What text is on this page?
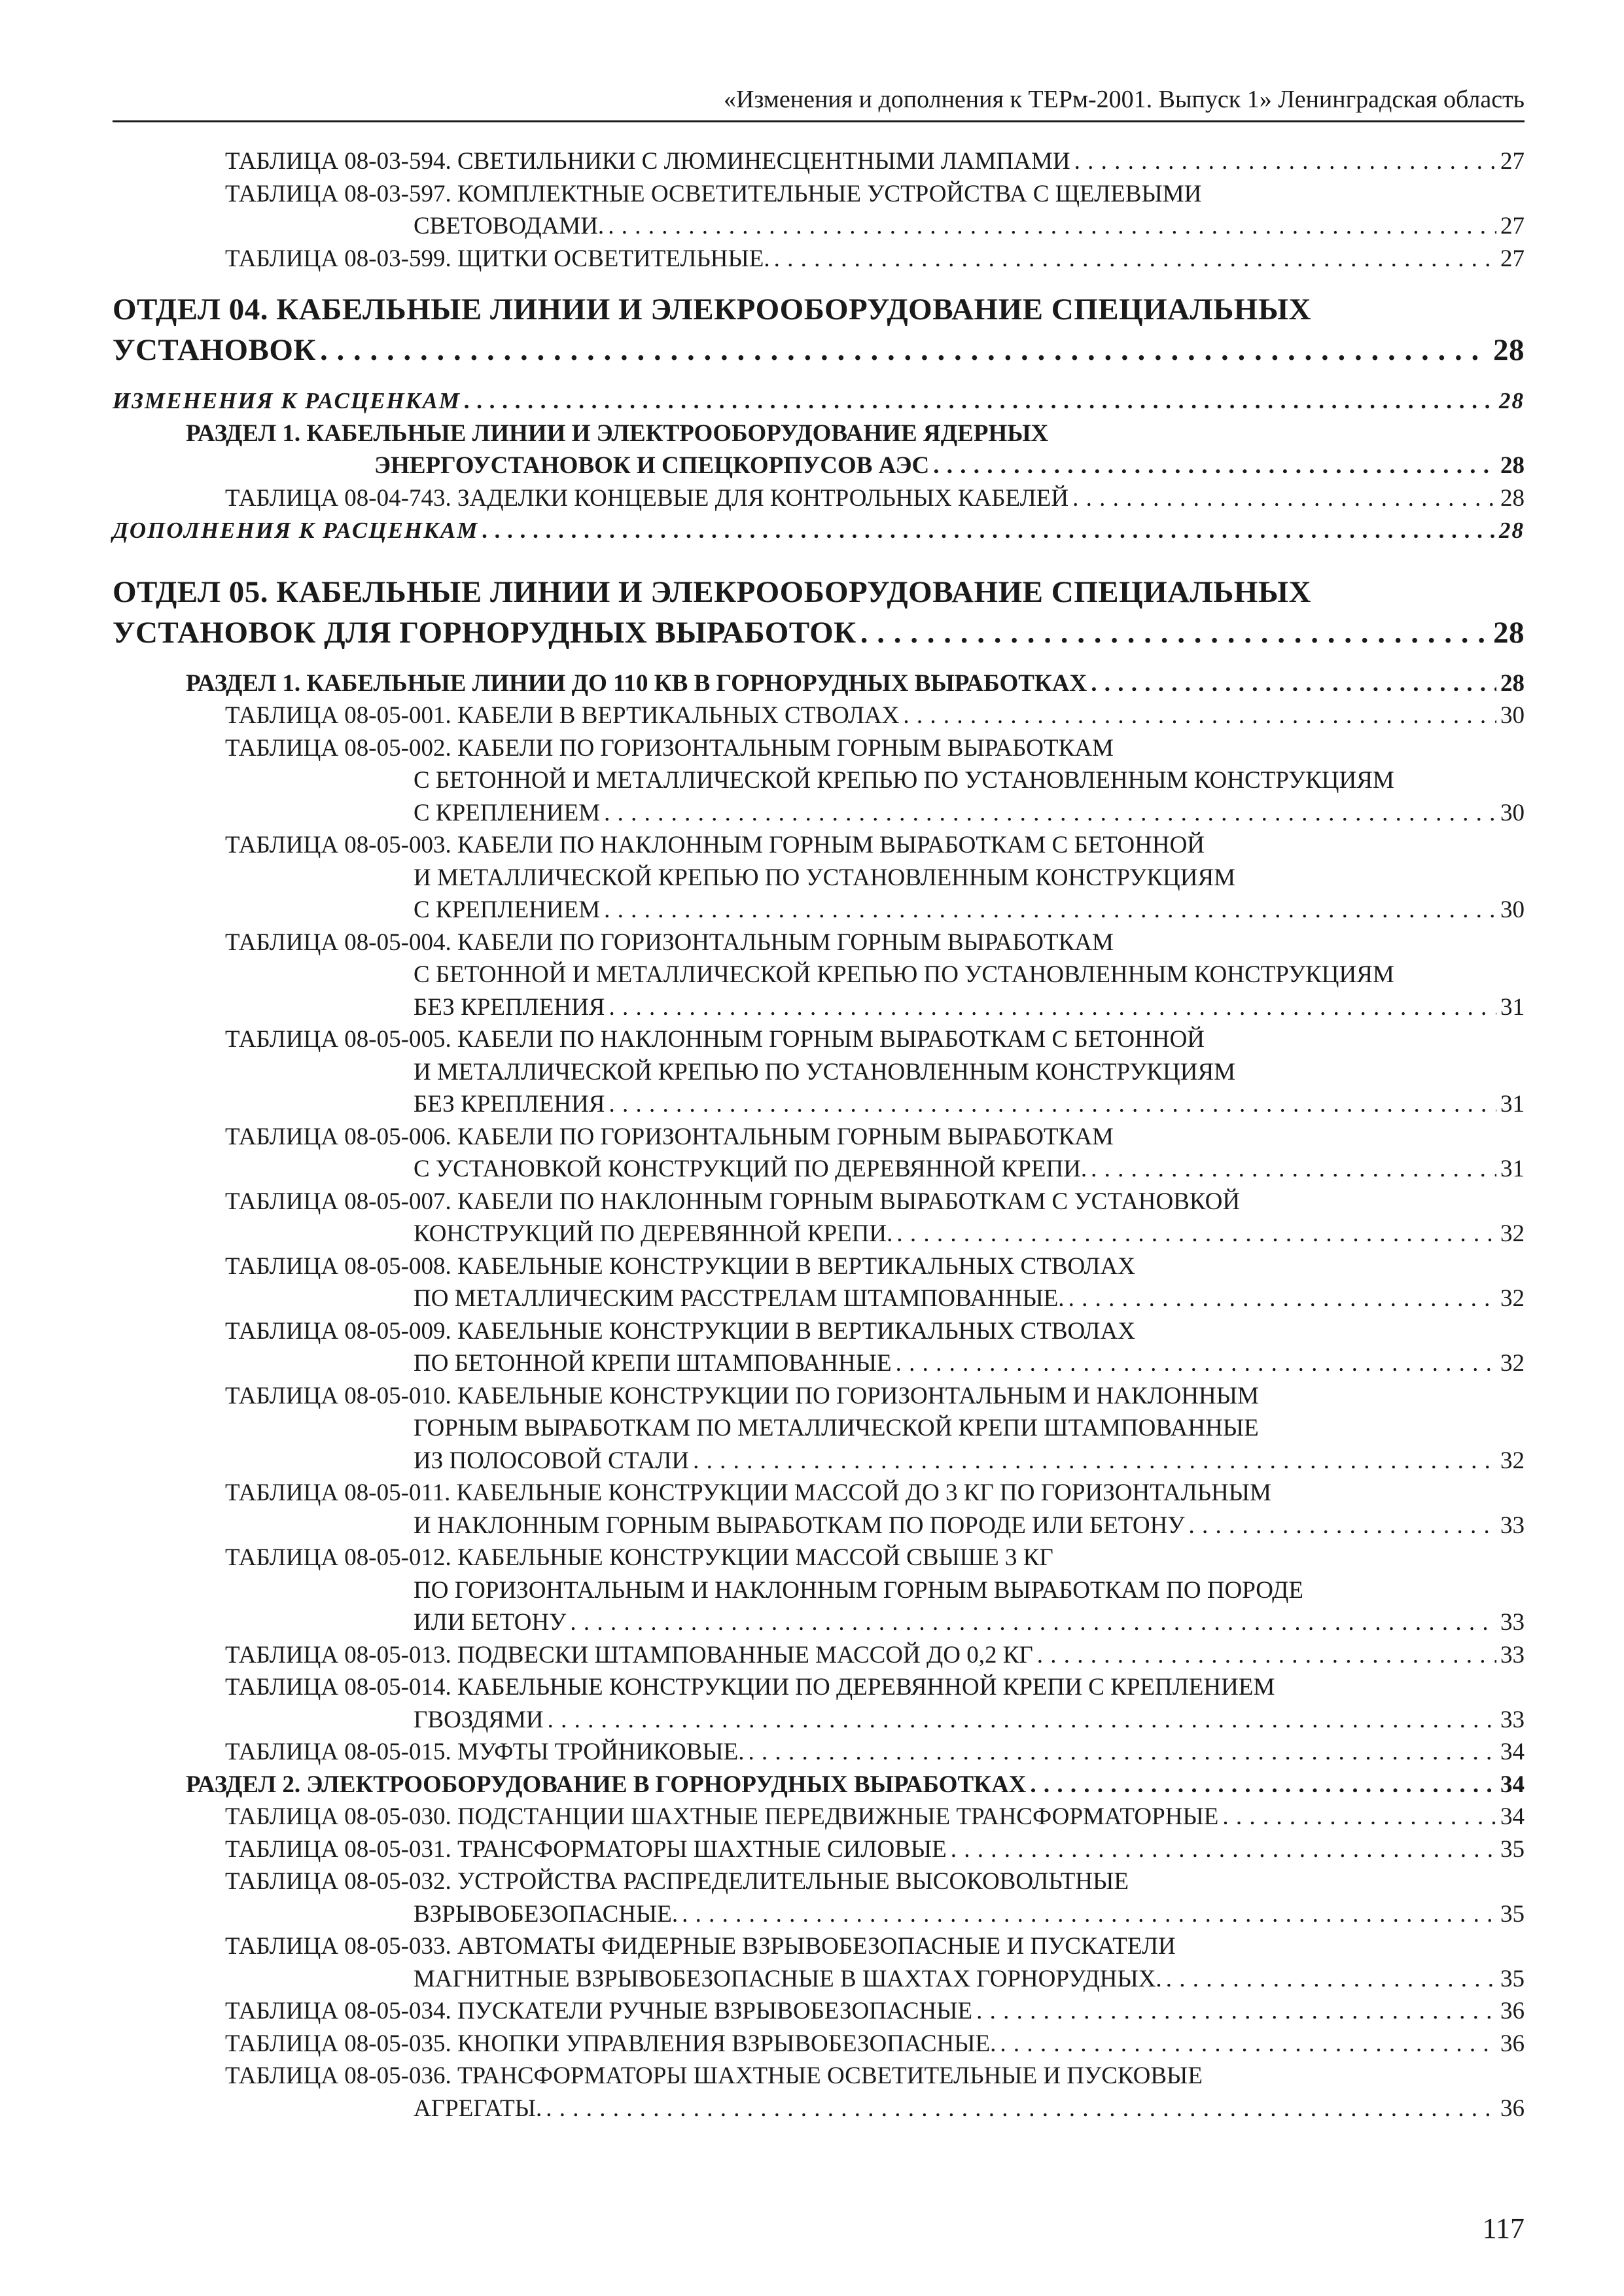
«Изменения и дополнения к ТЕРм-2001. Выпуск 1» Ленинградская область
ТАБЛИЦА 08-03-594. СВЕТИЛЬНИКИ С ЛЮМИНЕСЦЕНТНЫМИ ЛАМПАМИ . . .	27
ТАБЛИЦА 08-03-597. КОМПЛЕКТНЫЕ ОСВЕТИТЕЛЬНЫЕ УСТРОЙСТВА С ЩЕЛЕВЫМИ
СВЕТОВОДАМИ. . . .	27
ТАБЛИЦА 08-03-599. ЩИТКИ ОСВЕТИТЕЛЬНЫЕ. . . .	27
ОТДЕЛ 04. КАБЕЛЬНЫЕ ЛИНИИ И ЭЛЕКРООБОРУДОВАНИЕ СПЕЦИАЛЬНЫХ
УСТАНОВОК . . .	28
ИЗМЕНЕНИЯ К РАСЦЕНКАМ . . .	28
РАЗДЕЛ 1. КАБЕЛЬНЫЕ ЛИНИИ И ЭЛЕКТРООБОРУДОВАНИЕ ЯДЕРНЫХ
ЭНЕРГОУСТАНОВОК И СПЕЦКОРПУСОВ АЭС . . .	28
ТАБЛИЦА 08-04-743. ЗАДЕЛКИ КОНЦЕВЫЕ ДЛЯ КОНТРОЛЬНЫХ КАБЕЛЕЙ . . .	28
ДОПОЛНЕНИЯ К РАСЦЕНКАМ . . .	28
ОТДЕЛ 05. КАБЕЛЬНЫЕ ЛИНИИ И ЭЛЕКРООБОРУДОВАНИЕ СПЕЦИАЛЬНЫХ
УСТАНОВОК ДЛЯ ГОРНОРУДНЫХ ВЫРАБОТОК . . .	28
РАЗДЕЛ 1. КАБЕЛЬНЫЕ ЛИНИИ ДО 110 КВ В ГОРНОРУДНЫХ ВЫРАБОТКАХ . . .	28
ТАБЛИЦА 08-05-001. КАБЕЛИ В ВЕРТИКАЛЬНЫХ СТВОЛАХ . . .	30
ТАБЛИЦА 08-05-002. КАБЕЛИ ПО ГОРИЗОНТАЛЬНЫМ ГОРНЫМ ВЫРАБОТКАМ
С БЕТОННОЙ И МЕТАЛЛИЧЕСКОЙ КРЕПЬЮ ПО УСТАНОВЛЕННЫМ КОНСТРУКЦИЯМ
С КРЕПЛЕНИЕМ . . .	30
ТАБЛИЦА 08-05-003. КАБЕЛИ ПО НАКЛОННЫМ ГОРНЫМ ВЫРАБОТКАМ С БЕТОННОЙ
И МЕТАЛЛИЧЕСКОЙ КРЕПЬЮ ПО УСТАНОВЛЕННЫМ КОНСТРУКЦИЯМ
С КРЕПЛЕНИЕМ . . .	30
ТАБЛИЦА 08-05-004. КАБЕЛИ ПО ГОРИЗОНТАЛЬНЫМ ГОРНЫМ ВЫРАБОТКАМ
С БЕТОННОЙ И МЕТАЛЛИЧЕСКОЙ КРЕПЬЮ ПО УСТАНОВЛЕННЫМ КОНСТРУКЦИЯМ
БЕЗ КРЕПЛЕНИЯ . . .	31
ТАБЛИЦА 08-05-005. КАБЕЛИ ПО НАКЛОННЫМ ГОРНЫМ ВЫРАБОТКАМ С БЕТОННОЙ
И МЕТАЛЛИЧЕСКОЙ КРЕПЬЮ ПО УСТАНОВЛЕННЫМ КОНСТРУКЦИЯМ
БЕЗ КРЕПЛЕНИЯ . . .	31
ТАБЛИЦА 08-05-006. КАБЕЛИ ПО ГОРИЗОНТАЛЬНЫМ ГОРНЫМ ВЫРАБОТКАМ
С УСТАНОВКОЙ КОНСТРУКЦИЙ ПО ДЕРЕВЯННОЙ КРЕПИ. . . .	31
ТАБЛИЦА 08-05-007. КАБЕЛИ ПО НАКЛОННЫМ ГОРНЫМ ВЫРАБОТКАМ С УСТАНОВКОЙ
КОНСТРУКЦИЙ ПО ДЕРЕВЯННОЙ КРЕПИ. . . .	32
ТАБЛИЦА 08-05-008. КАБЕЛЬНЫЕ КОНСТРУКЦИИ В ВЕРТИКАЛЬНЫХ СТВОЛАХ
ПО МЕТАЛЛИЧЕСКИМ РАССТРЕЛАМ ШТАМПОВАННЫЕ. . . .	32
ТАБЛИЦА 08-05-009. КАБЕЛЬНЫЕ КОНСТРУКЦИИ В ВЕРТИКАЛЬНЫХ СТВОЛАХ
ПО БЕТОННОЙ КРЕПИ ШТАМПОВАННЫЕ . . .	32
ТАБЛИЦА 08-05-010. КАБЕЛЬНЫЕ КОНСТРУКЦИИ ПО ГОРИЗОНТАЛЬНЫМ И НАКЛОННЫМ
ГОРНЫМ ВЫРАБОТКАМ ПО МЕТАЛЛИЧЕСКОЙ КРЕПИ ШТАМПОВАННЫЕ
ИЗ ПОЛОСОВОЙ СТАЛИ . . .	32
ТАБЛИЦА 08-05-011. КАБЕЛЬНЫЕ КОНСТРУКЦИИ МАССОЙ ДО 3 КГ ПО ГОРИЗОНТАЛЬНЫМ
И НАКЛОННЫМ ГОРНЫМ ВЫРАБОТКАМ ПО ПОРОДЕ ИЛИ БЕТОНУ . . .	33
ТАБЛИЦА 08-05-012. КАБЕЛЬНЫЕ КОНСТРУКЦИИ МАССОЙ СВЫШЕ 3 КГ
ПО ГОРИЗОНТАЛЬНЫМ И НАКЛОННЫМ ГОРНЫМ ВЫРАБОТКАМ ПО ПОРОДЕ
ИЛИ БЕТОНУ . . .	33
ТАБЛИЦА 08-05-013. ПОДВЕСКИ ШТАМПОВАННЫЕ МАССОЙ ДО 0,2 КГ . . .	33
ТАБЛИЦА 08-05-014. КАБЕЛЬНЫЕ КОНСТРУКЦИИ ПО ДЕРЕВЯННОЙ КРЕПИ С КРЕПЛЕНИЕМ
ГВОЗДЯМИ . . .	33
ТАБЛИЦА 08-05-015. МУФТЫ ТРОЙНИКОВЫЕ. . . .	34
РАЗДЕЛ 2. ЭЛЕКТРООБОРУДОВАНИЕ В ГОРНОРУДНЫХ ВЫРАБОТКАХ . . .	34
ТАБЛИЦА 08-05-030. ПОДСТАНЦИИ ШАХТНЫЕ ПЕРЕДВИЖНЫЕ ТРАНСФОРМАТОРНЫЕ . . .	34
ТАБЛИЦА 08-05-031. ТРАНСФОРМАТОРЫ ШАХТНЫЕ СИЛОВЫЕ . . .	35
ТАБЛИЦА 08-05-032. УСТРОЙСТВА РАСПРЕДЕЛИТЕЛЬНЫЕ ВЫСОКОВОЛЬТНЫЕ
ВЗРЫВОБЕЗОПАСНЫЕ. . . .	35
ТАБЛИЦА 08-05-033. АВТОМАТЫ ФИДЕРНЫЕ ВЗРЫВОБЕЗОПАСНЫЕ И ПУСКАТЕЛИ
МАГНИТНЫЕ ВЗРЫВОБЕЗОПАСНЫЕ В ШАХТАХ ГОРНОРУДНЫХ. . . .	35
ТАБЛИЦА 08-05-034. ПУСКАТЕЛИ РУЧНЫЕ ВЗРЫВОБЕЗОПАСНЫЕ . . .	36
ТАБЛИЦА 08-05-035. КНОПКИ УПРАВЛЕНИЯ ВЗРЫВОБЕЗОПАСНЫЕ. . . .	36
ТАБЛИЦА 08-05-036. ТРАНСФОРМАТОРЫ ШАХТНЫЕ ОСВЕТИТЕЛЬНЫЕ И ПУСКОВЫЕ
АГРЕГАТЫ. . . .	36
117
